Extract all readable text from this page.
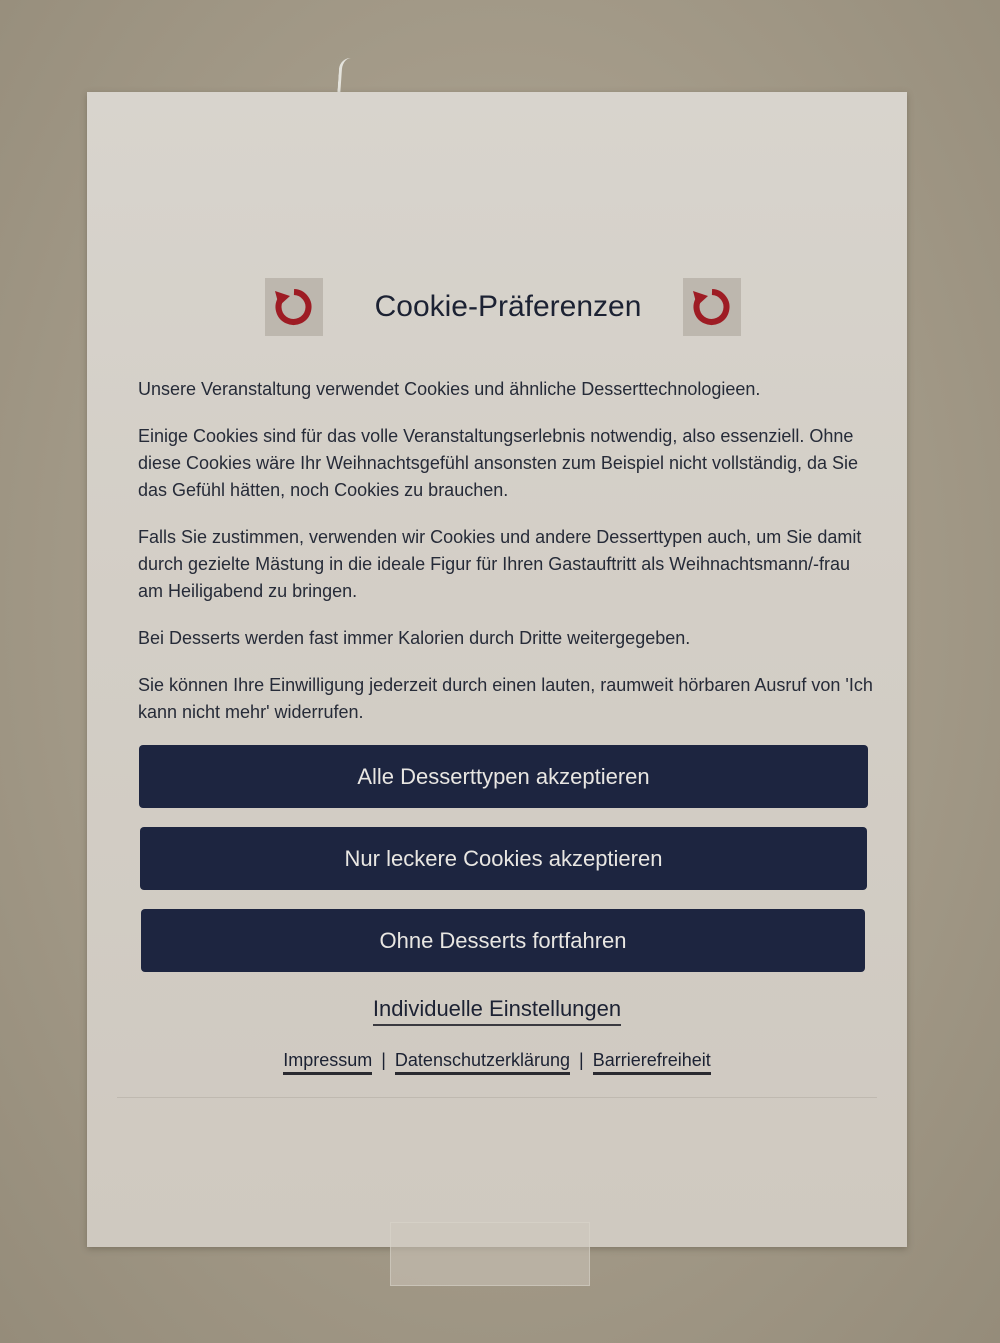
Cookie-Präferenzen

Unsere Veranstaltung verwendet Cookies und ähnliche Desserttechnologieen.

Einige Cookies sind für das volle Veranstaltungserlebnis notwendig, also essenziell. Ohne diese Cookies wäre Ihr Weihnachtsgefühl ansonsten zum Beispiel nicht vollständig, da Sie das Gefühl hätten, noch Cookies zu brauchen.

Falls Sie zustimmen, verwenden wir Cookies und andere Desserttypen auch, um Sie damit durch gezielte Mästung in die ideale Figur für Ihren Gastauftritt als Weihnachtsmann/-frau am Heiligabend zu bringen.

Bei Desserts werden fast immer Kalorien durch Dritte weitergegeben.

Sie können Ihre Einwilligung jederzeit durch einen lauten, raumweit hörbaren Ausruf von 'Ich kann nicht mehr' widerrufen.

Alle Desserttypen akzeptieren
Nur leckere Cookies akzeptieren
Ohne Desserts fortfahren
Individuelle Einstellungen
Impressum | Datenschutzerklärung | Barrierefreiheit
